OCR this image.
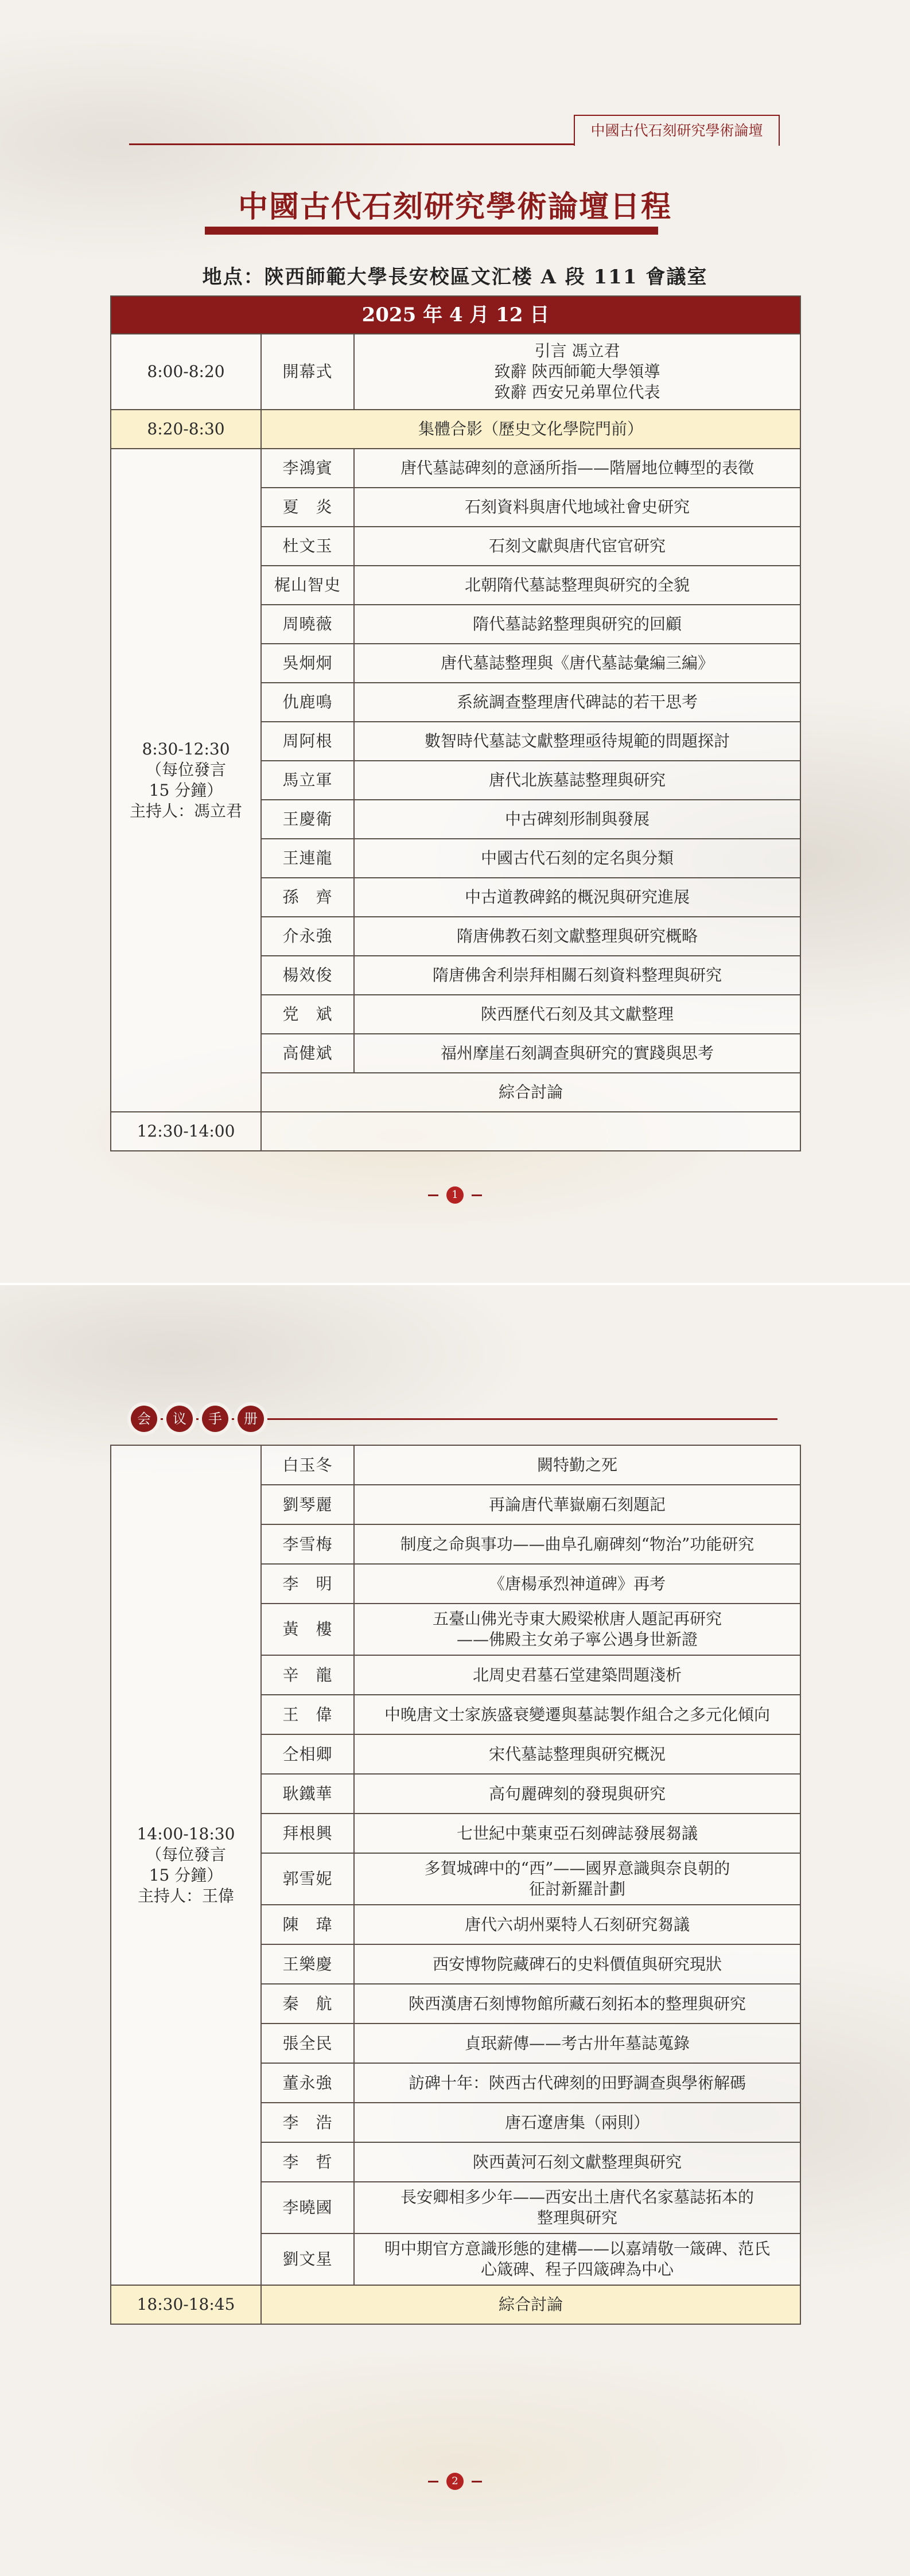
中國古代石刻研究學術論壇
中國古代石刻研究學術論壇日程
地点：陝西師範大學長安校區文汇楼 A 段 111 會議室
2025 年 4 月 12 日		
8:00-8:20	開幕式	引言 馮立君
致辭 陝西師範大學領導
致辭 西安兄弟單位代表

8:20-8:30	集體合影（歷史文化學院門前）	

8:30-12:30
（每位發言
15 分鐘）
主持人：馮立君	李鴻賓	唐代墓誌碑刻的意涵所指——階層地位轉型的表徵

	夏　炎	石刻資料與唐代地域社會史研究

	杜文玉	石刻文獻與唐代宦官研究

	梶山智史	北朝隋代墓誌整理與研究的全貌

	周曉薇	隋代墓誌銘整理與研究的回顧

	吳炯炯	唐代墓誌整理與《唐代墓誌彙編三編》

	仇鹿鳴	系統調查整理唐代碑誌的若干思考

	周阿根	數智時代墓誌文獻整理亟待規範的問題探討

	馬立軍	唐代北族墓誌整理與研究

	王慶衛	中古碑刻形制與發展

	王連龍	中國古代石刻的定名與分類

	孫　齊	中古道教碑銘的概況與研究進展

	介永強	隋唐佛教石刻文獻整理與研究概略

	楊效俊	隋唐佛舍利崇拜相關石刻資料整理與研究

	党　斌	陝西歷代石刻及其文獻整理

	高健斌	福州摩崖石刻調查與研究的實踐與思考

	綜合討論	
12:30-14:00		
1
会	议	手	册
14:00-18:30
（每位發言
15 分鐘）
主持人：王偉	白玉冬	闕特勤之死

	劉琴麗	再論唐代華嶽廟石刻題記

	李雪梅	制度之命與事功——曲阜孔廟碑刻“物治”功能研究

	李　明	《唐楊承烈神道碑》再考

	黃　樓	五臺山佛光寺東大殿梁栿唐人題記再研究
——佛殿主女弟子寧公遇身世新證

	辛　龍	北周史君墓石堂建築問題淺析

	王　偉	中晚唐文士家族盛衰變遷與墓誌製作組合之多元化傾向

	仝相卿	宋代墓誌整理與研究概況

	耿鐵華	高句麗碑刻的發現與研究

	拜根興	七世紀中葉東亞石刻碑誌發展芻議

	郭雪妮	多賀城碑中的“西”——國界意識與奈良朝的
征討新羅計劃

	陳　瑋	唐代六胡州粟特人石刻研究芻議

	王樂慶	西安博物院藏碑石的史料價值與研究現狀

	秦　航	陝西漢唐石刻博物館所藏石刻拓本的整理與研究

	張全民	貞珉薪傳——考古卅年墓誌蒐錄

	董永強	訪碑十年：陝西古代碑刻的田野調查與學術解碼

	李　浩	唐石遼唐集（兩則）

	李　哲	陝西黃河石刻文獻整理與研究

	李曉國	長安卿相多少年——西安出土唐代名家墓誌拓本的
整理與研究

	劉文星	明中期官方意識形態的建構——以嘉靖敬一箴碑、范氏
心箴碑、程子四箴碑為中心

18:30-18:45	綜合討論	
2
